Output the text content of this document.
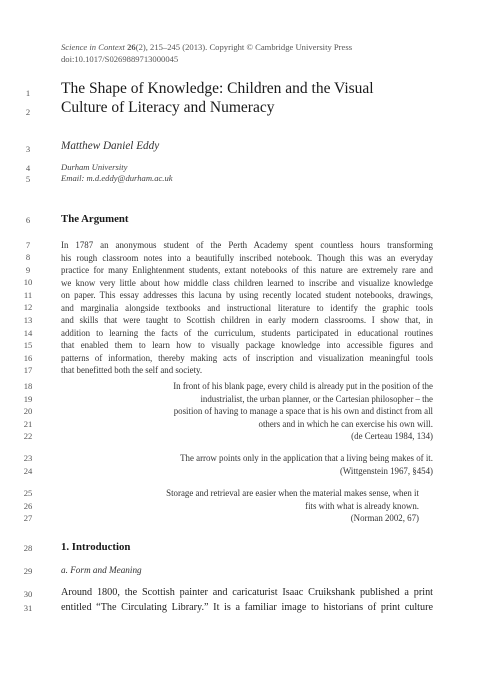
Science in Context 26(2), 215–245 (2013). Copyright © Cambridge University Press
doi:10.1017/S0269889713000045
1
2
3
4
5
6
7
8
9
10
11
12
13
14
15
16
17
18
19
20
21
22
23
24
25
26
27
28
29
30
31
The Shape of Knowledge: Children and the Visual
Culture of Literacy and Numeracy
Matthew Daniel Eddy
Durham University
Email: m.d.eddy@durham.ac.uk
The Argument
In 1787 an anonymous student of the Perth Academy spent countless hours transforming
his rough classroom notes into a beautifully inscribed notebook. Though this was an everyday
practice for many Enlightenment students, extant notebooks of this nature are extremely rare and
we know very little about how middle class children learned to inscribe and visualize knowledge
on paper. This essay addresses this lacuna by using recently located student notebooks, drawings,
and marginalia alongside textbooks and instructional literature to identify the graphic tools
and skills that were taught to Scottish children in early modern classrooms. I show that, in
addition to learning the facts of the curriculum, students participated in educational routines
that enabled them to learn how to visually package knowledge into accessible figures and
patterns of information, thereby making acts of inscription and visualization meaningful tools
that benefitted both the self and society.
In front of his blank page, every child is already put in the position of the
industrialist, the urban planner, or the Cartesian philosopher – the
position of having to manage a space that is his own and distinct from all
others and in which he can exercise his own will.
(de Certeau 1984, 134)
The arrow points only in the application that a living being makes of it.
(Wittgenstein 1967, §454)
Storage and retrieval are easier when the material makes sense, when it
fits with what is already known.
(Norman 2002, 67)
1. Introduction
a. Form and Meaning
Around 1800, the Scottish painter and caricaturist Isaac Cruikshank published a print
entitled “The Circulating Library.” It is a familiar image to historians of print culture
